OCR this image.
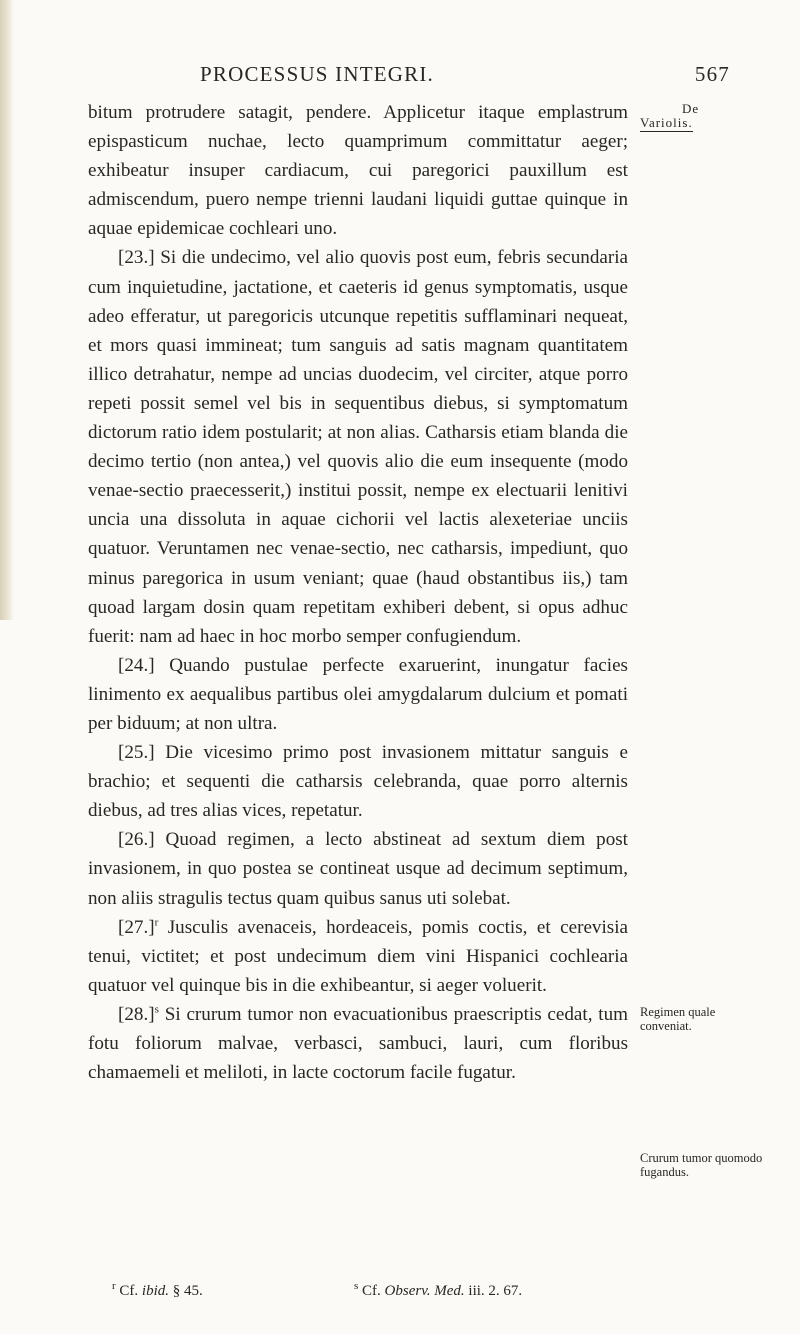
PROCESSUS INTEGRI.	567
De
Variolis.

bitum protrudere satagit, pendere. Applicetur itaque emplastrum epispasticum nuchae, lecto quamprimum committatur aeger; exhibeatur insuper cardiacum, cui paregorici pauxillum est admiscendum, puero nempe trienni laudani liquidi guttae quinque in aquae epidemicae cochleari uno.

[23.] Si die undecimo, vel alio quovis post eum, febris secundaria cum inquietudine, jactatione, et caeteris id genus symptomatis, usque adeo efferatur, ut paregoricis utcunque repetitis sufflaminari nequeat, et mors quasi immineat; tum sanguis ad satis magnam quantitatem illico detrahatur, nempe ad uncias duodecim, vel circiter, atque porro repeti possit semel vel bis in sequentibus diebus, si symptomatum dictorum ratio idem postularit; at non alias. Catharsis etiam blanda die decimo tertio (non antea,) vel quovis alio die eum insequente (modo venae-sectio praecesserit,) institui possit, nempe ex electuarii lenitivi uncia una dissoluta in aquae cichorii vel lactis alexeteriae unciis quatuor. Veruntamen nec venae-sectio, nec catharsis, impediunt, quo minus paregorica in usum veniant; quae (haud obstantibus iis,) tam quoad largam dosin quam repetitam exhiberi debent, si opus adhuc fuerit: nam ad haec in hoc morbo semper confugiendum.

[24.] Quando pustulae perfecte exaruerint, inungatur facies linimento ex aequalibus partibus olei amygdalarum dulcium et pomati per biduum; at non ultra.

[25.] Die vicesimo primo post invasionem mittatur sanguis e brachio; et sequenti die catharsis celebranda, quae porro alternis diebus, ad tres alias vices, repetatur.

[26.] Quoad regimen, a lecto abstineat ad sextum diem post invasionem, in quo postea se contineat usque ad decimum septimum, non aliis stragulis tectus quam quibus sanus uti solebat.

$[27.]^r$ Jusculis avenaceis, hordeaceis, pomis coctis, et cerevisia tenui, victitet; et post undecimum diem vini Hispanici cochlearia quatuor vel quinque bis in die exhibeantur, si aeger voluerit.

$[28.]^s$ Si crurum tumor non evacuationibus praescriptis cedat, tum fotu foliorum malvae, verbasci, sambuci, lauri, cum floribus chamaemeli et meliloti, in lacte coctorum facile fugatur.

Regimen quale conveniat.
Crurum tumor quomodo fugandus.
$^r$ Cf. ibid. § 45.	$^s$ Cf. Observ. Med. iii. 2. 67.
